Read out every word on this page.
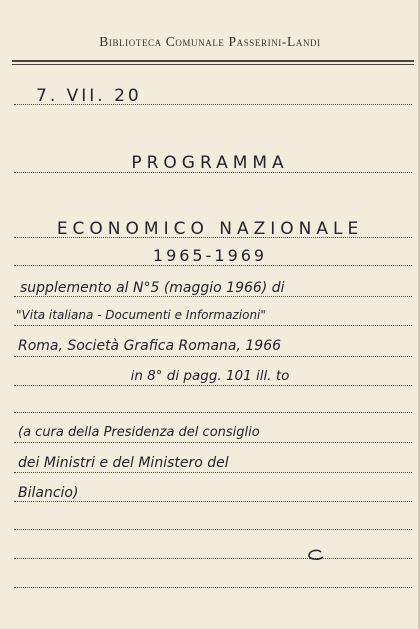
Biblioteca Comunale Passerini-Landi
7. VII. 20
PROGRAMMA
ECONOMICO NAZIONALE
1965-1969
supplemento al N°5 (maggio 1966) di
"Vita italiana - Documenti e Informazioni"
Roma, Società Grafica Romana, 1966
in 8° di pagg. 101 ill. to
(a cura della Presidenza del consiglio
dei Ministri e del Ministero del
Bilancio)
